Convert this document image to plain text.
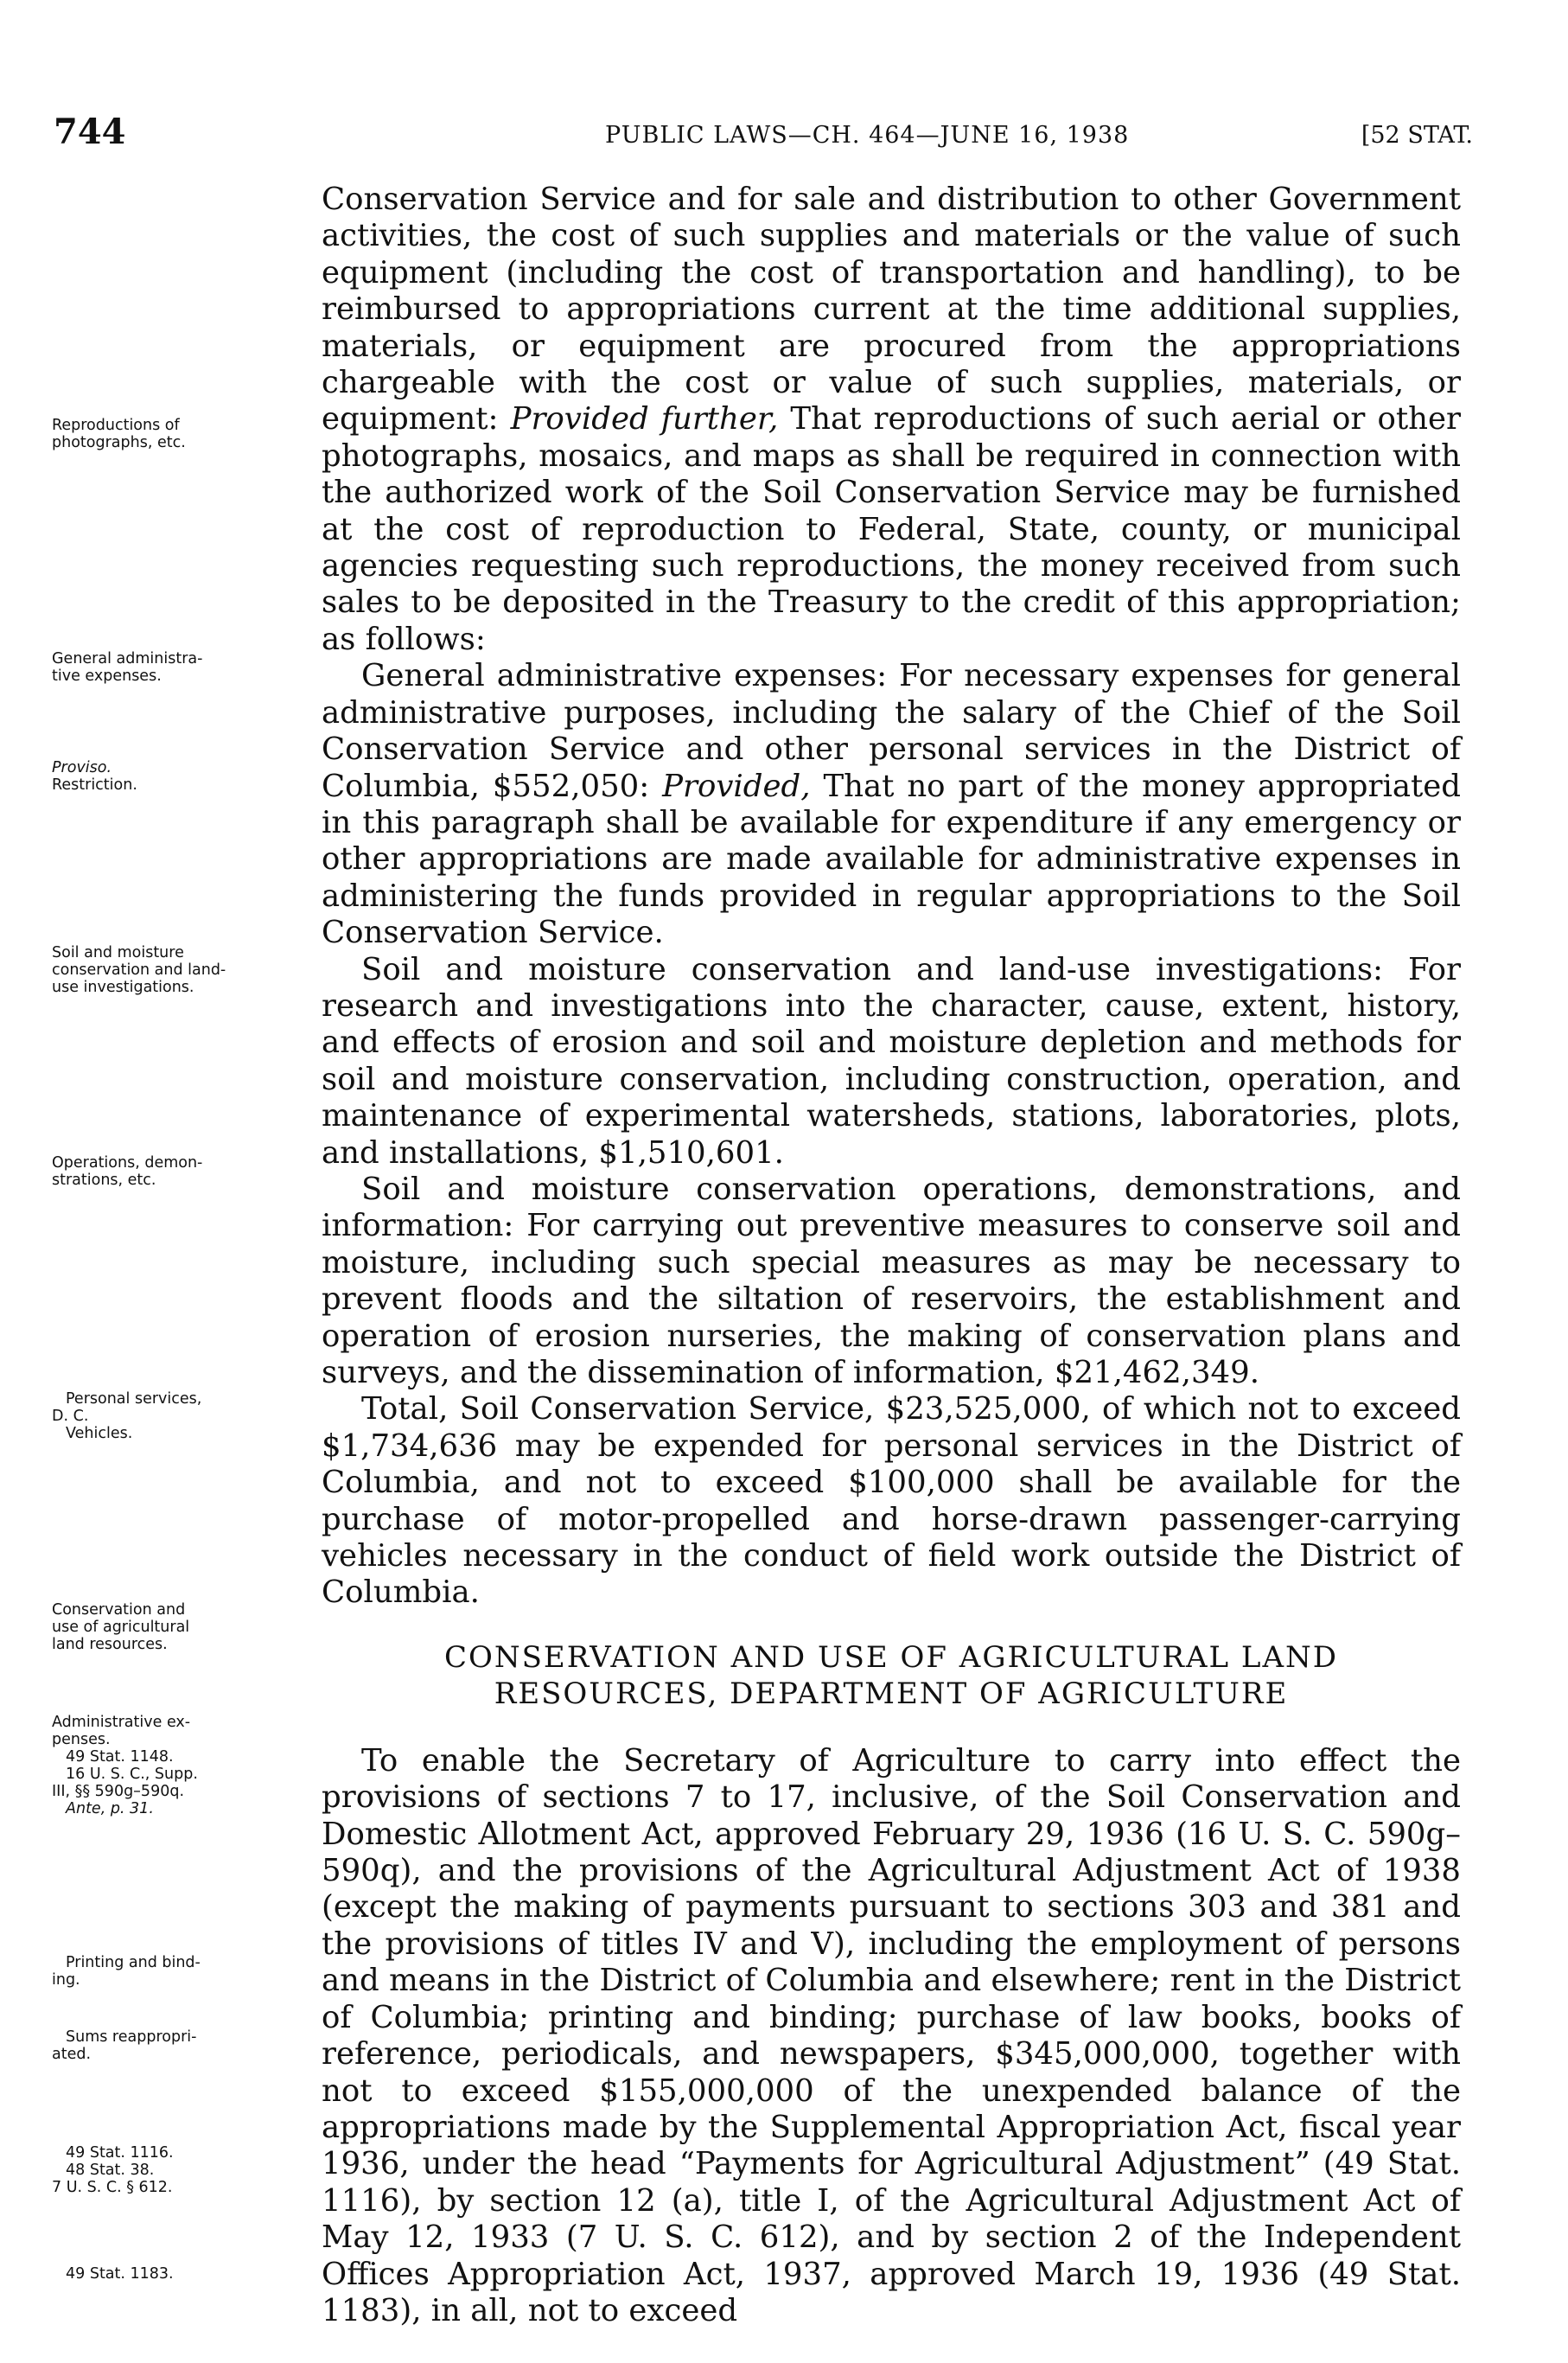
744	PUBLIC LAWS—CH. 464—JUNE 16, 1938	[52 STAT.
Reproductions of
photographs, etc.
General administra-
tive expenses.
Proviso.
Restriction.
Soil and moisture
conservation and land-
use investigations.
Operations, demon-
strations, etc.
Personal services,
D. C.
Vehicles.
Conservation and
use of agricultural
land resources.
Administrative ex-
penses.
49 Stat. 1148.
16 U. S. C., Supp.
III, §§ 590g–590q.
Ante, p. 31.
Printing and bind-
ing.
Sums reappropri-
ated.
49 Stat. 1116.
48 Stat. 38.
7 U. S. C. § 612.
49 Stat. 1183.

Conservation Service and for sale and distribution to other Government activities, the cost of such supplies and materials or the value of such equipment (including the cost of transportation and handling), to be reimbursed to appropriations current at the time additional supplies, materials, or equipment are procured from the appropriations chargeable with the cost or value of such supplies, materials, or equipment: Provided further, That reproductions of such aerial or other photographs, mosaics, and maps as shall be required in connection with the authorized work of the Soil Conservation Service may be furnished at the cost of reproduction to Federal, State, county, or municipal agencies requesting such reproductions, the money received from such sales to be deposited in the Treasury to the credit of this appropriation; as follows:

General administrative expenses: For necessary expenses for general administrative purposes, including the salary of the Chief of the Soil Conservation Service and other personal services in the District of Columbia, $552,050: Provided, That no part of the money appropriated in this paragraph shall be available for expenditure if any emergency or other appropriations are made available for administrative expenses in administering the funds provided in regular appropriations to the Soil Conservation Service.

Soil and moisture conservation and land-use investigations: For research and investigations into the character, cause, extent, history, and effects of erosion and soil and moisture depletion and methods for soil and moisture conservation, including construction, operation, and maintenance of experimental watersheds, stations, laboratories, plots, and installations, $1,510,601.

Soil and moisture conservation operations, demonstrations, and information: For carrying out preventive measures to conserve soil and moisture, including such special measures as may be necessary to prevent floods and the siltation of reservoirs, the establishment and operation of erosion nurseries, the making of conservation plans and surveys, and the dissemination of information, $21,462,349.

Total, Soil Conservation Service, $23,525,000, of which not to exceed $1,734,636 may be expended for personal services in the District of Columbia, and not to exceed $100,000 shall be available for the purchase of motor-propelled and horse-drawn passenger-carrying vehicles necessary in the conduct of field work outside the District of Columbia.

CONSERVATION AND USE OF AGRICULTURAL LAND
RESOURCES, DEPARTMENT OF AGRICULTURE

To enable the Secretary of Agriculture to carry into effect the provisions of sections 7 to 17, inclusive, of the Soil Conservation and Domestic Allotment Act, approved February 29, 1936 (16 U. S. C. 590g–590q), and the provisions of the Agricultural Adjustment Act of 1938 (except the making of payments pursuant to sections 303 and 381 and the provisions of titles IV and V), including the employment of persons and means in the District of Columbia and elsewhere; rent in the District of Columbia; printing and binding; purchase of law books, books of reference, periodicals, and newspapers, $345,000,000, together with not to exceed $155,000,000 of the unexpended balance of the appropriations made by the Supplemental Appropriation Act, fiscal year 1936, under the head “Payments for Agricultural Adjustment” (49 Stat. 1116), by section 12 (a), title I, of the Agricultural Adjustment Act of May 12, 1933 (7 U. S. C. 612), and by section 2 of the Independent Offices Appropriation Act, 1937, approved March 19, 1936 (49 Stat. 1183), in all, not to exceed
